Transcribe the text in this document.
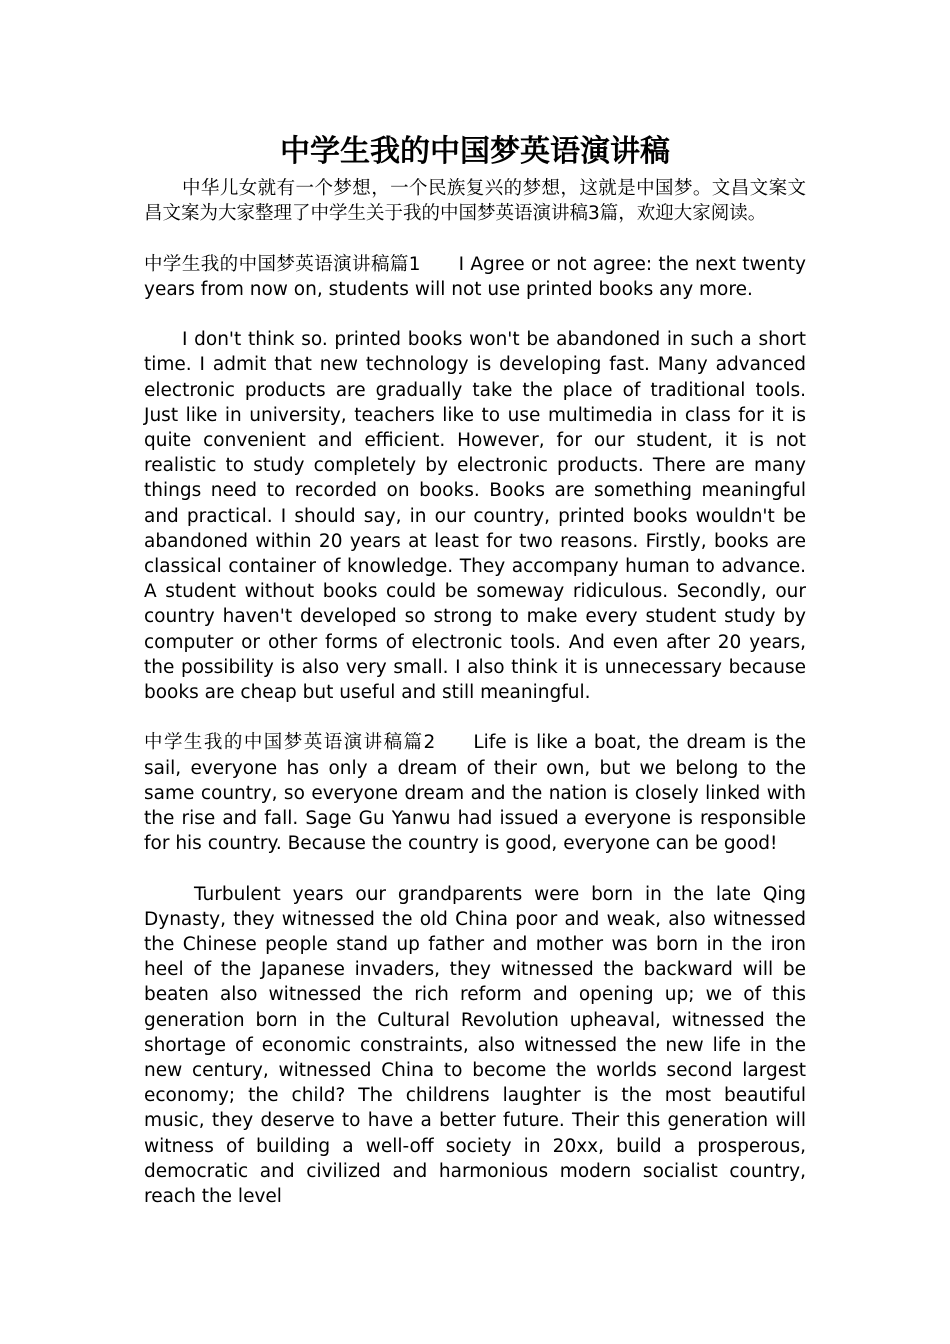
中学生我的中国梦英语演讲稿

中华儿女就有一个梦想，一个民族复兴的梦想，这就是中国梦。文昌文案文昌文案为大家整理了中学生关于我的中国梦英语演讲稿3篇，欢迎大家阅读。

中学生我的中国梦英语演讲稿篇1 I Agree or not agree: the next twenty years from now on, students will not use printed books any more.

I don't think so. printed books won't be abandoned in such a short time. I admit that new technology is developing fast. Many advanced electronic products are gradually take the place of traditional tools. Just like in university, teachers like to use multimedia in class for it is quite convenient and efficient. However, for our student, it is not realistic to study completely by electronic products. There are many things need to recorded on books. Books are something meaningful and practical. I should say, in our country, printed books wouldn't be abandoned within 20 years at least for two reasons. Firstly, books are classical container of knowledge. They accompany human to advance. A student without books could be someway ridiculous. Secondly, our country haven't developed so strong to make every student study by computer or other forms of electronic tools. And even after 20 years, the possibility is also very small. I also think it is unnecessary because books are cheap but useful and still meaningful.

中学生我的中国梦英语演讲稿篇2 Life is like a boat, the dream is the sail, everyone has only a dream of their own, but we belong to the same country, so everyone dream and the nation is closely linked with the rise and fall. Sage Gu Yanwu had issued a everyone is responsible for his country. Because the country is good, everyone can be good!

Turbulent years our grandparents were born in the late Qing Dynasty, they witnessed the old China poor and weak, also witnessed the Chinese people stand up father and mother was born in the iron heel of the Japanese invaders, they witnessed the backward will be beaten also witnessed the rich reform and opening up; we of this generation born in the Cultural Revolution upheaval, witnessed the shortage of economic constraints, also witnessed the new life in the new century, witnessed China to become the worlds second largest economy; the child? The childrens laughter is the most beautiful music, they deserve to have a better future. Their this generation will witness of building a well-off society in 20xx, build a prosperous, democratic and civilized and harmonious modern socialist country, reach the level
